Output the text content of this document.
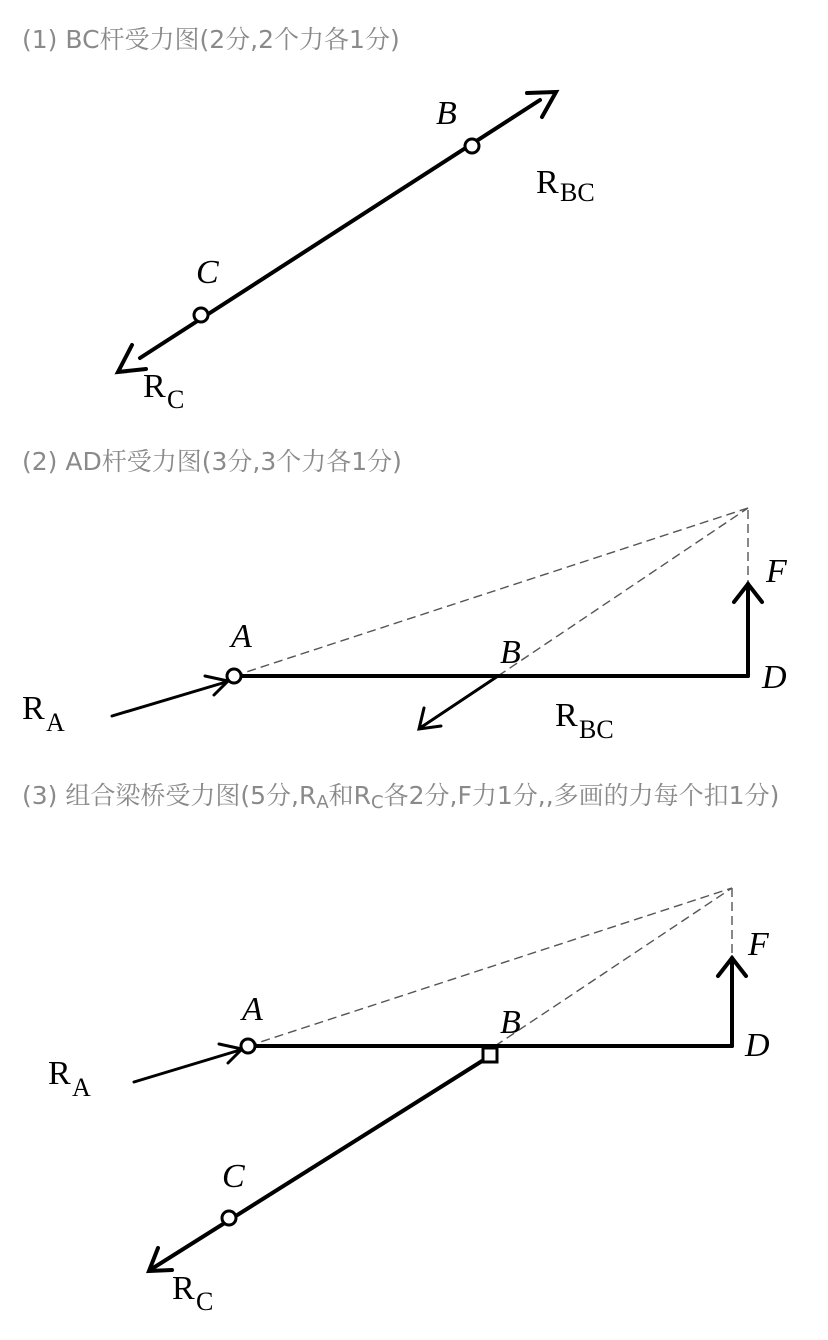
(1) BC杆受力图(2分,2个力各1分)

B
C
R BC
R C

(2) AD杆受力图(3分,3个力各1分)

A	B
D
F
R A	R BC

(3) 组合梁桥受力图(5分$,R_A$和$R_C$各2分,F力1分,,多画的力每个扣1分)

A	B
C
D
F
R A
R C
